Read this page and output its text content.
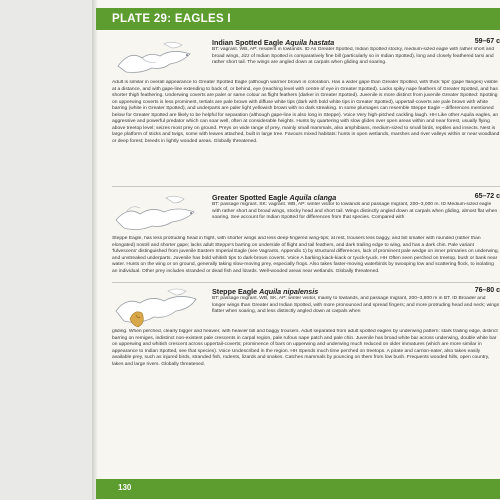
PLATE 29: EAGLES I
Indian Spotted Eagle Aquila hastata	59–67 c
BT: vagrant. WB, AP: resident in lowlands. ID As Greater Spotted, Indian Spotted stocky, medium-sized eagle with rather short and broad wings, Jizz of Indian Spotted is comparatively fine bill (particularly so in Indian Spotted), long and closely feathered tarsi and rather short tail. The wings are angled down at carpals when gliding and soaring.
Adult is similar in overall appearance to Greater Spotted Eagle (although warmer brown in coloration. Has a wider gape than Greater Spotted, with thick 'lips' (gape flanges) visible at a distance, and with gape-line extending to back of, or behind, eye (reaching level with centre of eye in Greater Spotted). Lacks spiky nape feathers of Greater Spotted, and has shorter thigh feathering. Underwing coverts are paler or same colour as flight feathers (darker in Greater Spotted). Juvenile is more distinct from juvenile Greater Spotted: Spotting on upperwing coverts is less prominent, tertials are pale brown with diffuse white tips (dark with bold white tips in Greater Spotted), uppertail-coverts are pale brown with white barring (white in Greater Spotted), and underparts are paler light yellowish brown with no dark streaking. In some plumages can resemble Steppe Eagle – differences mentioned below for Greater Spotted are likely to be helpful for separation (although gape-line is also long in Steppe). Voice Very high-pitched cackling laugh. HH Like other Aquila eagles, an aggressive and powerful predator which can soar well, often at considerable heights. Hunts by quartering with slow glides over open areas within and near forest, usually flying above treetop level; seizes most prey on ground. Preys on wide range of prey, mainly small mammals, also amphibians, medium-sized to small birds, reptiles and insects. Nest is large platform of sticks and twigs, some with leaves attached, built in large tree. Favours mixed habitats: hunts in open wetlands, marshes and river valleys within or near woodland or deep forest; breeds in lightly wooded areas. Globally threatened.
Greater Spotted Eagle Aquila clanga	65–72 c
BT: passage migrant. SK: vagrant. WB, AP: winter visitor to lowlands and passage migrant, 200–3,000 m. ID Medium-sized eagle with rather short and broad wings, stocky head and short tail. Wings distinctly angled down at carpals when gliding, almost flat when soaring. See account for Indian Spotted for differences from that species. Compared with
Steppe Eagle, has less protruding head in flight, with shorter wings and less deep-fingered wing-tips; at rest, trousers less baggy, and bill smaller with rounded (rather than elongated) nostril and shorter gape; lacks adult Steppe's barring on underside of flight and tail feathers, and dark trailing edge to wing, and has a dark chin. Pale variant 'fulvescens' distinguished from juvenile Eastern Imperial Eagle (see Vagrants, Appendix 1) by structural differences, lack of prominent pale wedge on inner primaries on underwing, and unstreaked underparts. Juvenile has bold whitish tips to dark-brown coverts. Voice A barking kiack-kiack or tyuck-tyuck. HH Often seen perched on treetop, bush or bank near water. Hunts on the wing or on ground, generally taking slow-moving prey, especially frogs. Also takes faster-moving waterbirds by swooping low and scattering flock, to isolating an individual. Other prey includes stranded or dead fish and lizards. Well-wooded areas near wetlands. Globally threatened.
Steppe Eagle Aquila nipalensis	76–80 c
BT: passage migrant. WB, SK, AP: winter visitor, mainly to lowlands, and passage migrant, 200–3,800 m in BT. ID Broader and longer wings than Greater and Indian Spotted, with more pronounced and spread fingers; and more protruding head and neck; wings flatter when soaring, and less distinctly angled down at carpals when
gliding. When perched, clearly bigger and heavier, with heavier bill and baggy trousers. Adult separated from adult spotted eagles by underwing pattern: stark trailing edge, distinct barring on remiges, indistinct non-existent pale crescents in carpal region, pale rufous nape patch and pale chin. Juvenile has broad white bar across underwing, double white bar on upperwing and whitish crescent across uppertail-coverts; prominence of bars on upperwing and underwing much reduced on older immatures (which are more similar in appearance to Indian Spotted, see that species). Voice Undescribed in the region. HH Spends much time perched on treetops. A pirate and carrion-eater, also takes easily available prey, such as injured birds, stranded fish, rodents, lizards and snakes. Catches mammals by pouncing on them from low bush. Frequents wooded hills, open country, lakes and large rivers. Globally threatened.
130
